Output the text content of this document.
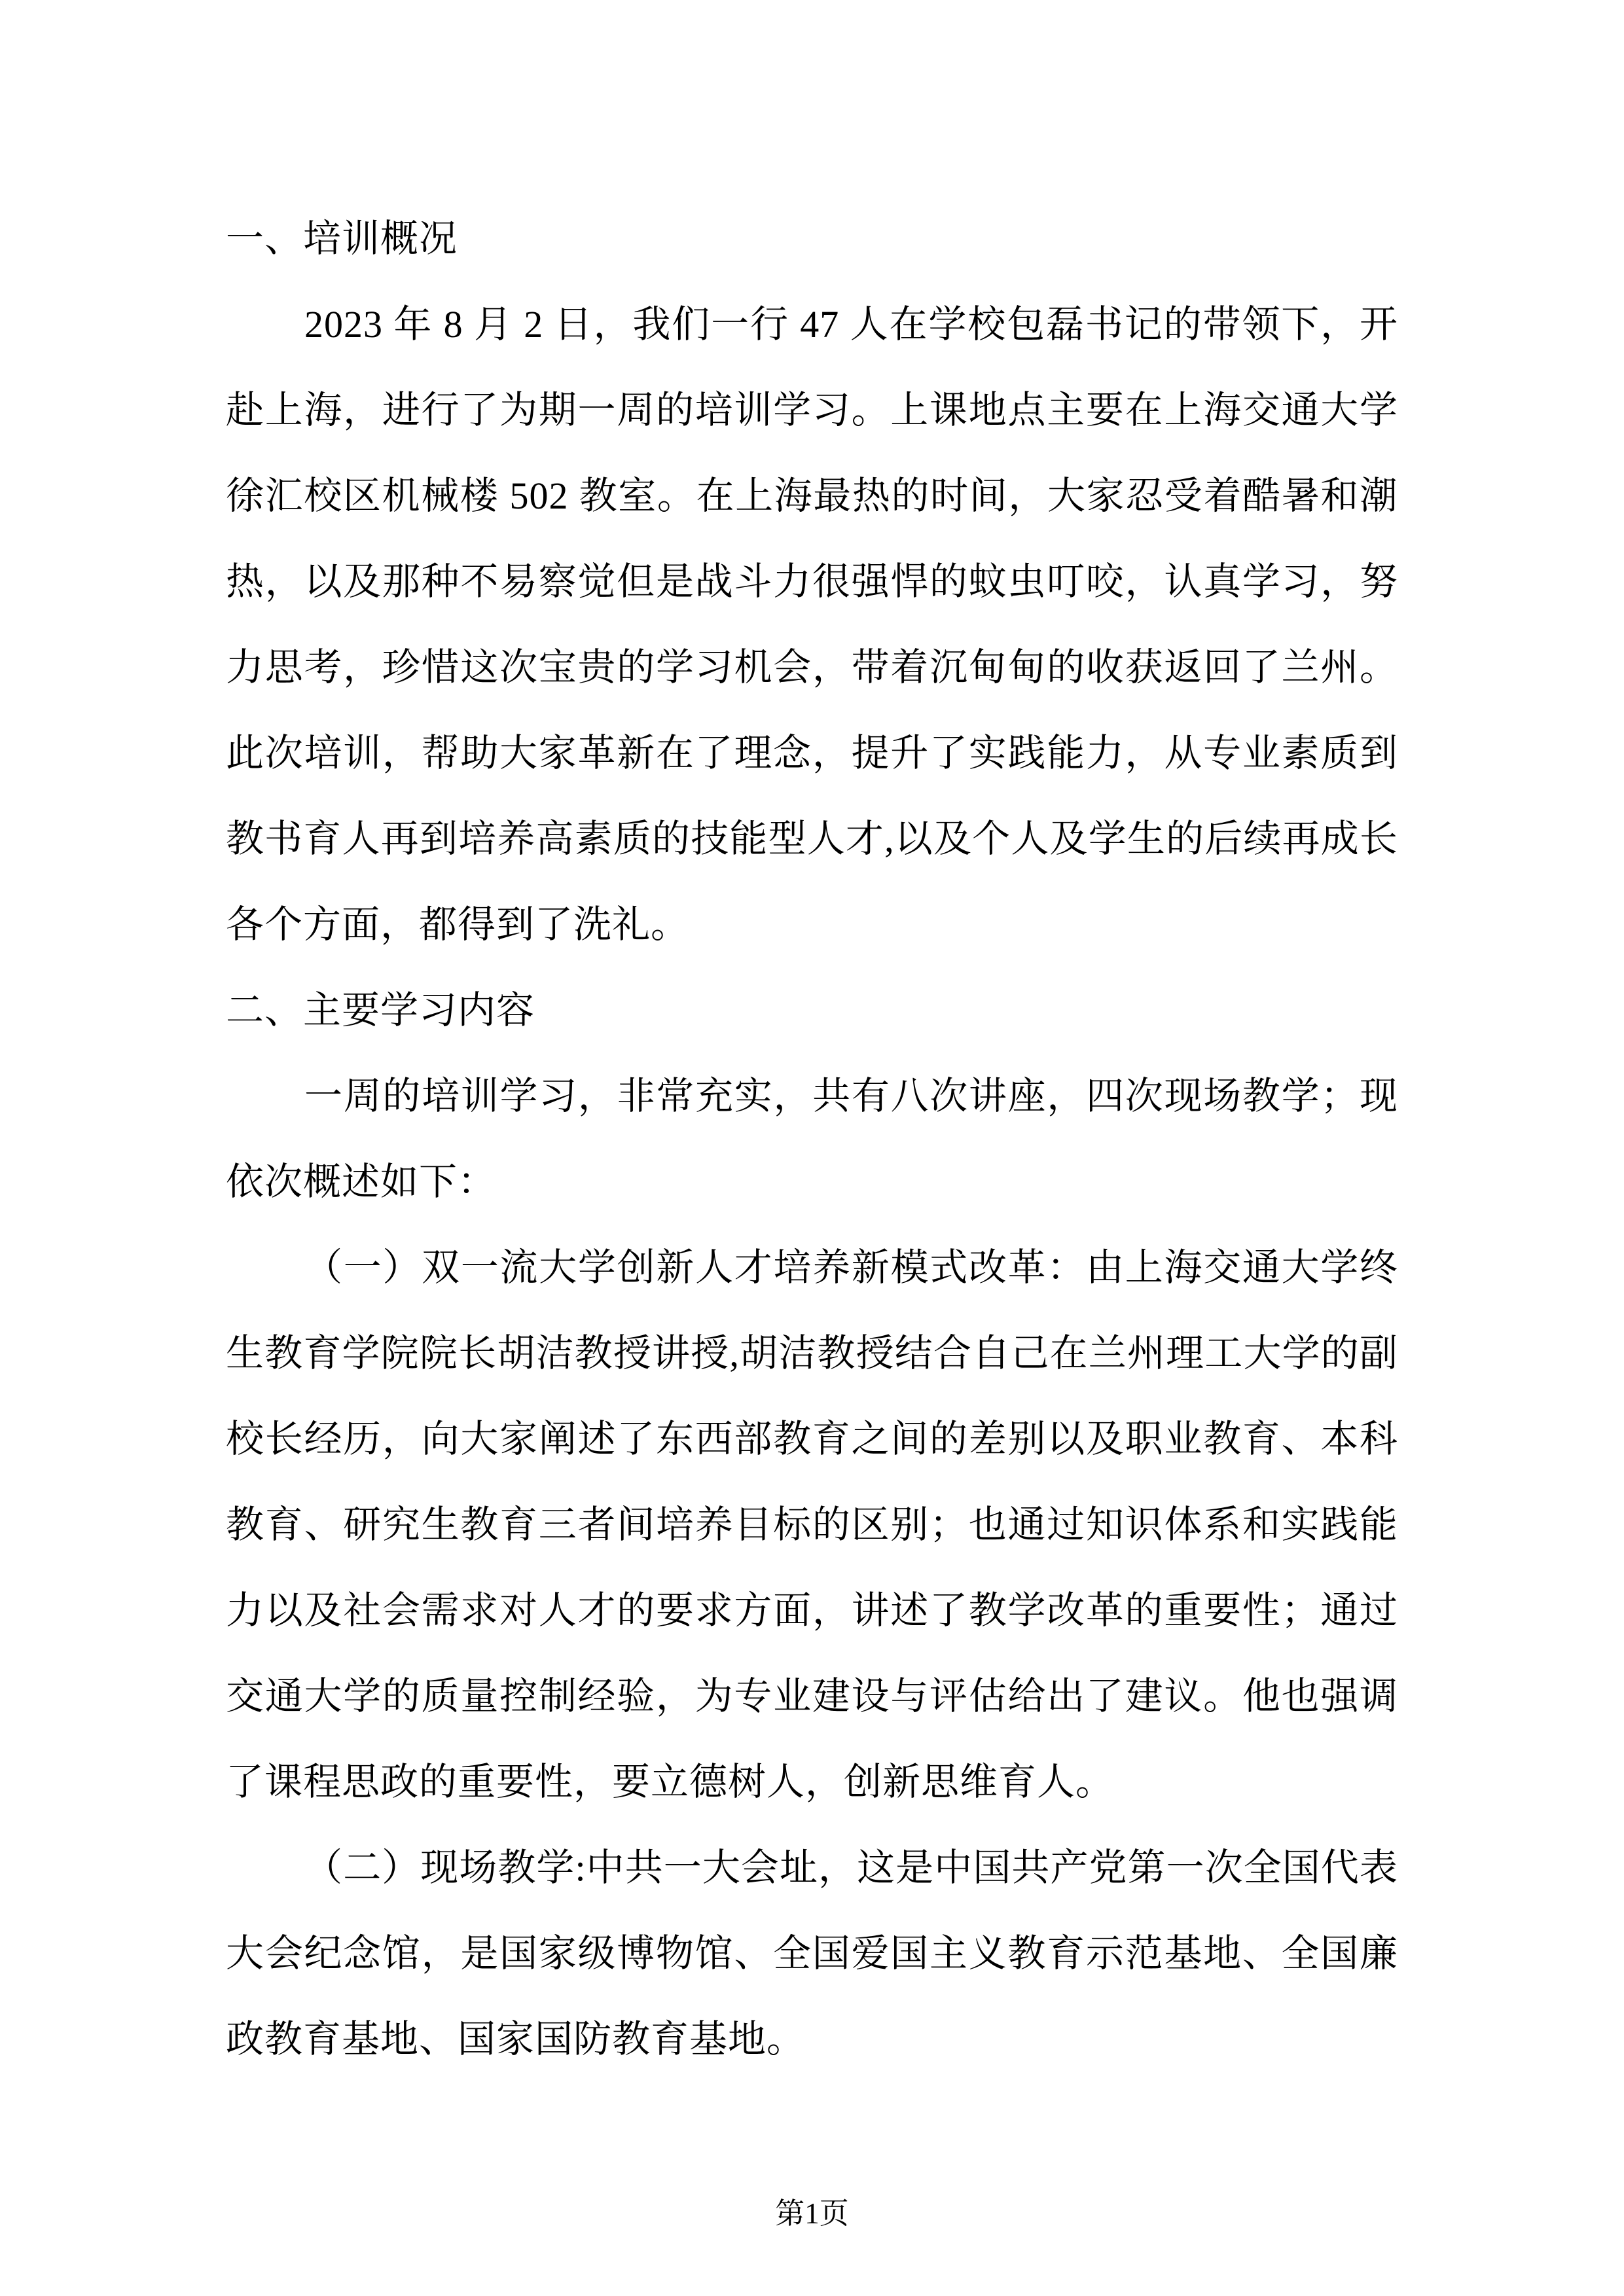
一、培训概况

2023 年 8 月 2 日，我们一行 47 人在学校包磊书记的带领下，开赴上海，进行了为期一周的培训学习。上课地点主要在上海交通大学徐汇校区机械楼 502 教室。在上海最热的时间，大家忍受着酷暑和潮热，以及那种不易察觉但是战斗力很强悍的蚊虫叮咬，认真学习，努力思考，珍惜这次宝贵的学习机会，带着沉甸甸的收获返回了兰州。此次培训，帮助大家革新在了理念，提升了实践能力，从专业素质到教书育人再到培养高素质的技能型人才,以及个人及学生的后续再成长各个方面，都得到了洗礼。

二、主要学习内容

一周的培训学习，非常充实，共有八次讲座，四次现场教学；现依次概述如下：

（一）双一流大学创新人才培养新模式改革：由上海交通大学终生教育学院院长胡洁教授讲授,胡洁教授结合自己在兰州理工大学的副校长经历，向大家阐述了东西部教育之间的差别以及职业教育、本科教育、研究生教育三者间培养目标的区别；也通过知识体系和实践能力以及社会需求对人才的要求方面，讲述了教学改革的重要性；通过交通大学的质量控制经验，为专业建设与评估给出了建议。他也强调了课程思政的重要性，要立德树人，创新思维育人。

（二）现场教学:中共一大会址，这是中国共产党第一次全国代表大会纪念馆，是国家级博物馆、全国爱国主义教育示范基地、全国廉政教育基地、国家国防教育基地。

第1页
